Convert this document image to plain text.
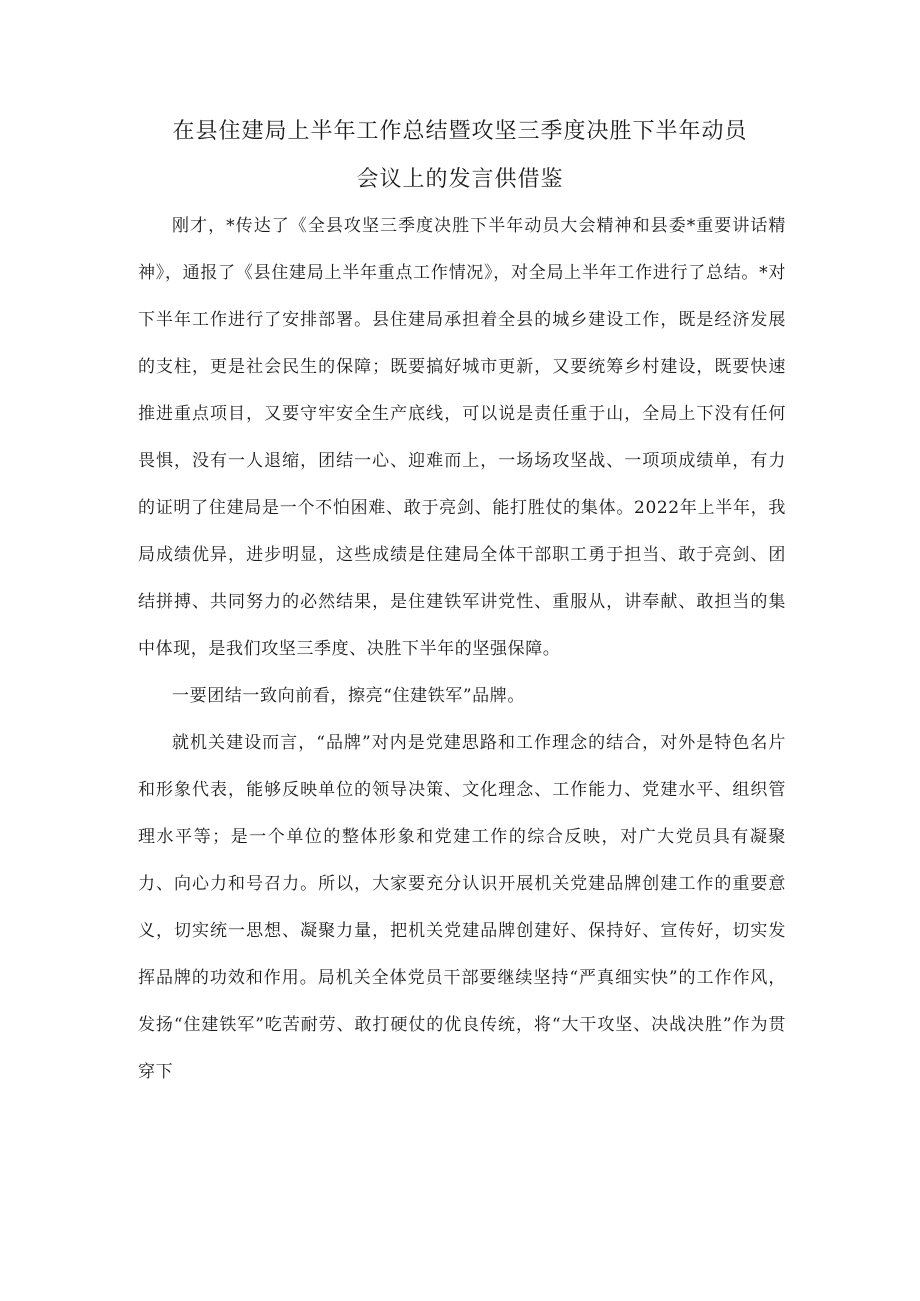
在县住建局上半年工作总结暨攻坚三季度决胜下半年动员
会议上的发言供借鉴

刚才，*传达了《全县攻坚三季度决胜下半年动员大会精神和县委*重要讲话精神》，通报了《县住建局上半年重点工作情况》，对全局上半年工作进行了总结。*对下半年工作进行了安排部署。县住建局承担着全县的城乡建设工作，既是经济发展的支柱，更是社会民生的保障；既要搞好城市更新，又要统筹乡村建设，既要快速推进重点项目，又要守牢安全生产底线，可以说是责任重于山，全局上下没有任何畏惧，没有一人退缩，团结一心、迎难而上，一场场攻坚战、一项项成绩单，有力的证明了住建局是一个不怕困难、敢于亮剑、能打胜仗的集体。2022年上半年，我局成绩优异，进步明显，这些成绩是住建局全体干部职工勇于担当、敢于亮剑、团结拼搏、共同努力的必然结果，是住建铁军讲党性、重服从，讲奉献、敢担当的集中体现，是我们攻坚三季度、决胜下半年的坚强保障。

一要团结一致向前看，擦亮“住建铁军”品牌。

就机关建设而言，“品牌”对内是党建思路和工作理念的结合，对外是特色名片和形象代表，能够反映单位的领导决策、文化理念、工作能力、党建水平、组织管理水平等；是一个单位的整体形象和党建工作的综合反映，对广大党员具有凝聚力、向心力和号召力。所以，大家要充分认识开展机关党建品牌创建工作的重要意义，切实统一思想、凝聚力量，把机关党建品牌创建好、保持好、宣传好，切实发挥品牌的功效和作用。局机关全体党员干部要继续坚持“严真细实快”的工作作风，发扬“住建铁军”吃苦耐劳、敢打硬仗的优良传统，将“大干攻坚、决战决胜”作为贯穿下
